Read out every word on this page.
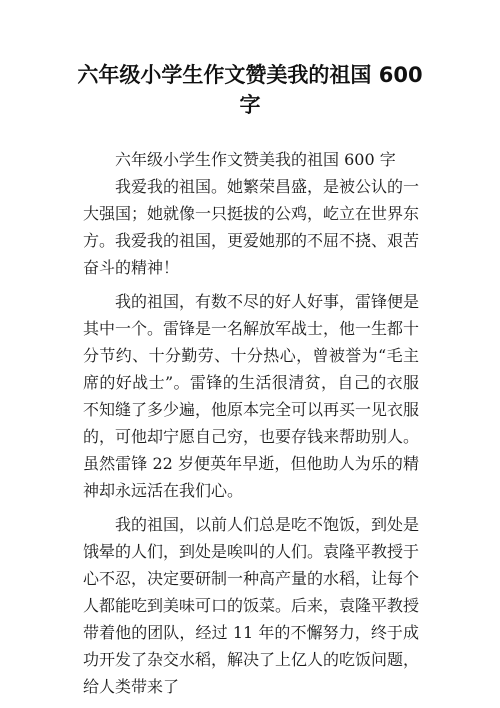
六年级小学生作文赞美我的祖国 600 字

六年级小学生作文赞美我的祖国 600 字

我爱我的祖国。她繁荣昌盛，是被公认的一大强国；她就像一只挺拔的公鸡，屹立在世界东方。我爱我的祖国，更爱她那的不屈不挠、艰苦奋斗的精神！

我的祖国，有数不尽的好人好事，雷锋便是其中一个。雷锋是一名解放军战士，他一生都十分节约、十分勤劳、十分热心，曾被誉为“毛主席的好战士”。雷锋的生活很清贫，自己的衣服不知缝了多少遍，他原本完全可以再买一见衣服的，可他却宁愿自己穷，也要存钱来帮助别人。虽然雷锋 22 岁便英年早逝，但他助人为乐的精神却永远活在我们心。

我的祖国，以前人们总是吃不饱饭，到处是饿晕的人们，到处是唉叫的人们。袁隆平教授于心不忍，决定要研制一种高产量的水稻，让每个人都能吃到美味可口的饭菜。后来，袁隆平教授带着他的团队，经过 11 年的不懈努力，终于成功开发了杂交水稻，解决了上亿人的吃饭问题，给人类带来了
